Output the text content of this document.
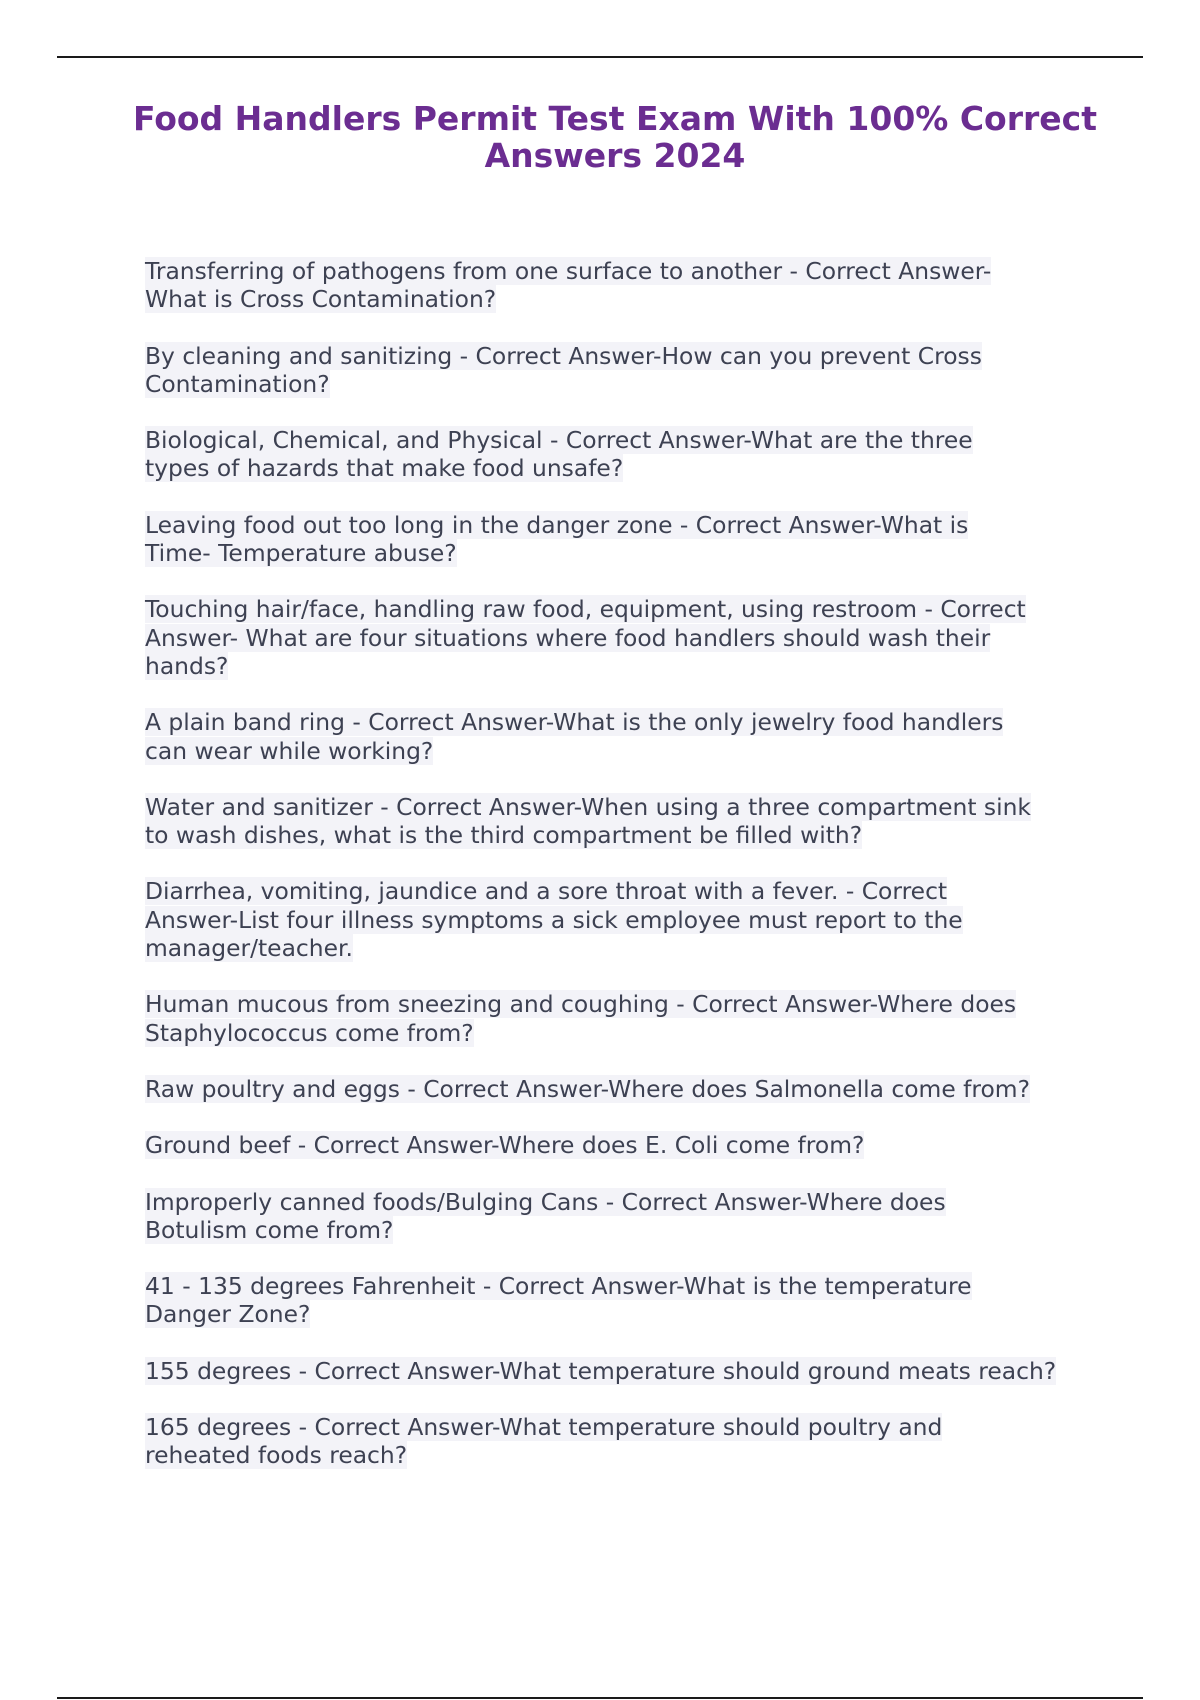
Food Handlers Permit Test Exam With 100% Correct
Answers 2024
Transferring of pathogens from one surface to another - Correct Answer-
What is Cross Contamination?
By cleaning and sanitizing - Correct Answer-How can you prevent Cross
Contamination?
Biological, Chemical, and Physical - Correct Answer-What are the three
types of hazards that make food unsafe?
Leaving food out too long in the danger zone - Correct Answer-What is
Time- Temperature abuse?
Touching hair/face, handling raw food, equipment, using restroom - Correct
Answer- What are four situations where food handlers should wash their
hands?
A plain band ring - Correct Answer-What is the only jewelry food handlers
can wear while working?
Water and sanitizer - Correct Answer-When using a three compartment sink
to wash dishes, what is the third compartment be filled with?
Diarrhea, vomiting, jaundice and a sore throat with a fever. - Correct
Answer-List four illness symptoms a sick employee must report to the
manager/teacher.
Human mucous from sneezing and coughing - Correct Answer-Where does
Staphylococcus come from?
Raw poultry and eggs - Correct Answer-Where does Salmonella come from?
Ground beef - Correct Answer-Where does E. Coli come from?
Improperly canned foods/Bulging Cans - Correct Answer-Where does
Botulism come from?
41 - 135 degrees Fahrenheit - Correct Answer-What is the temperature
Danger Zone?
155 degrees - Correct Answer-What temperature should ground meats reach?
165 degrees - Correct Answer-What temperature should poultry and
reheated foods reach?
